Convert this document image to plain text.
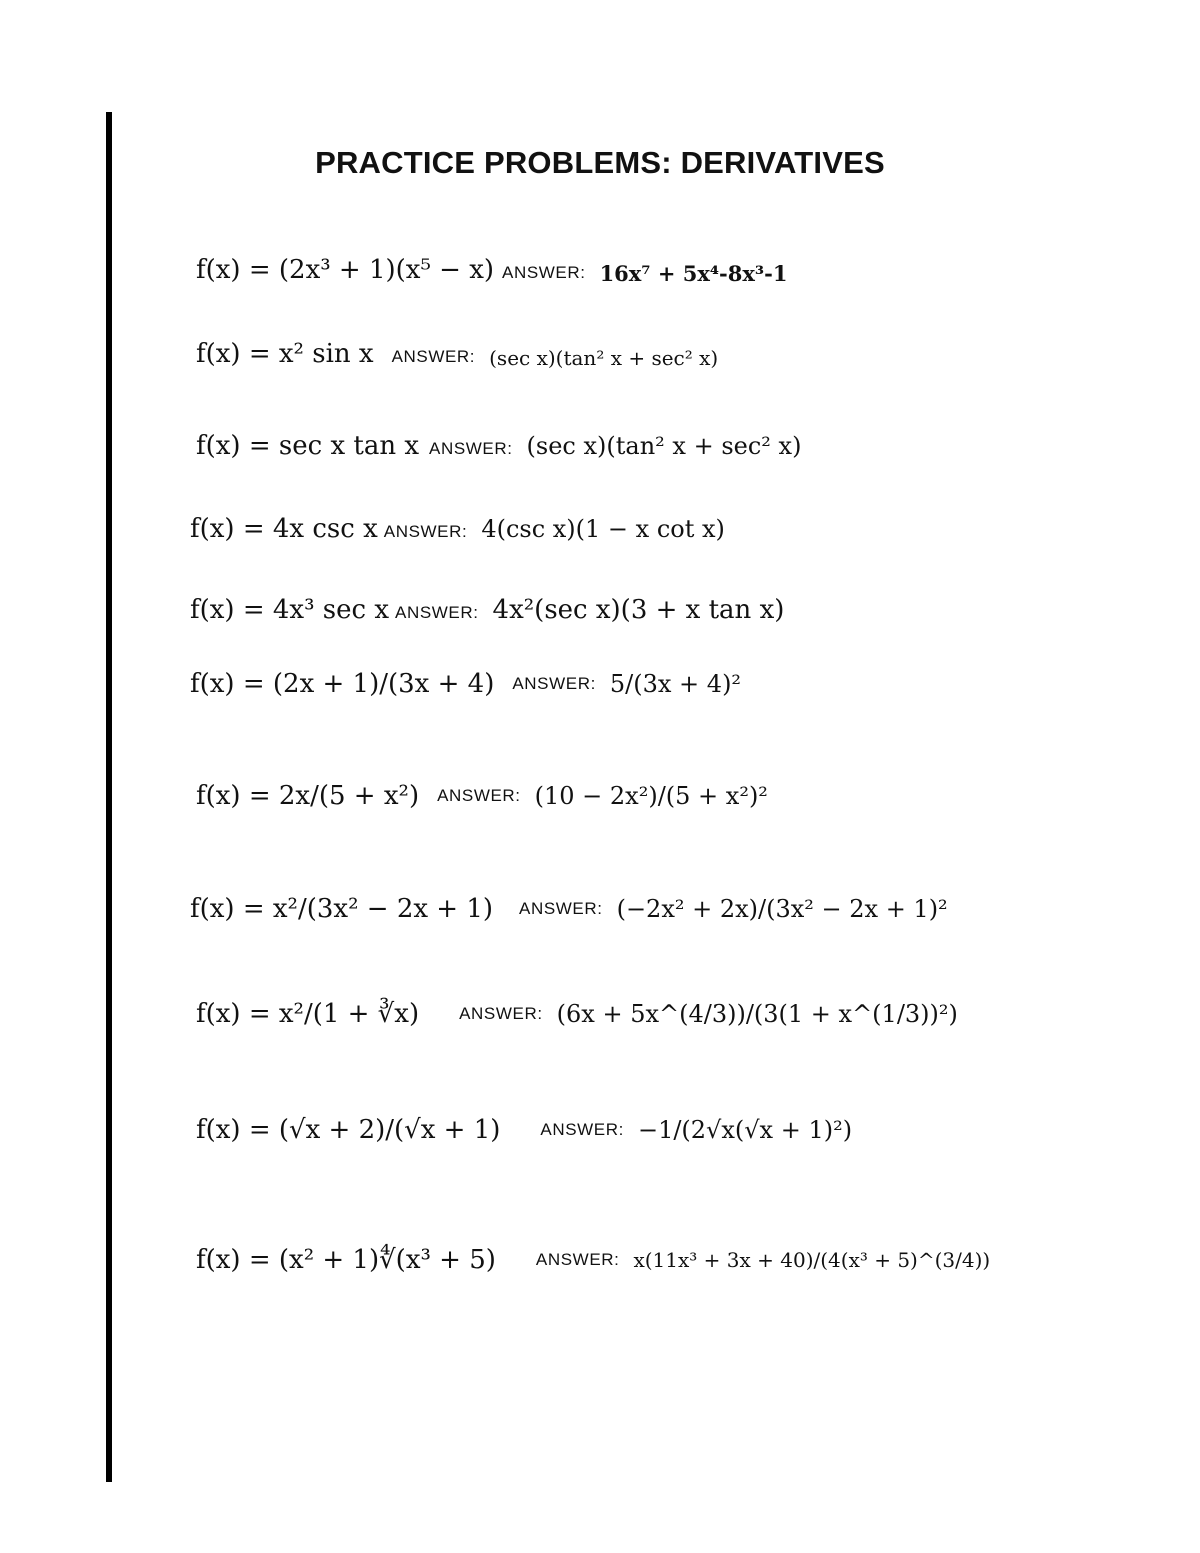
PRACTICE PROBLEMS: DERIVATIVES
f(x) = (2x³ + 1)(x⁵ − x) ANSWER: 16x⁷ + 5x⁴-8x³-1
f(x) = x² sin x ANSWER: (sec x)(tan² x + sec² x)
f(x) = sec x tan x ANSWER: (sec x)(tan² x + sec² x)
f(x) = 4x csc x ANSWER: 4(csc x)(1 − x cot x)
f(x) = 4x³ sec x ANSWER: 4x²(sec x)(3 + x tan x)
f(x) = (2x + 1)/(3x + 4) ANSWER: 5/(3x + 4)²
f(x) = 2x/(5 + x²) ANSWER: (10 − 2x²)/(5 + x²)²
f(x) = x²/(3x² − 2x + 1) ANSWER: (−2x² + 2x)/(3x² − 2x + 1)²
f(x) = x²/(1 + ∛x) ANSWER: (6x + 5x^(4/3))/(3(1 + x^(1/3))²)
f(x) = (√x + 2)/(√x + 1) ANSWER: −1/(2√x(√x + 1)²)
f(x) = (x² + 1)∜(x³ + 5) ANSWER: x(11x³ + 3x + 40)/(4(x³ + 5)^(3/4))
